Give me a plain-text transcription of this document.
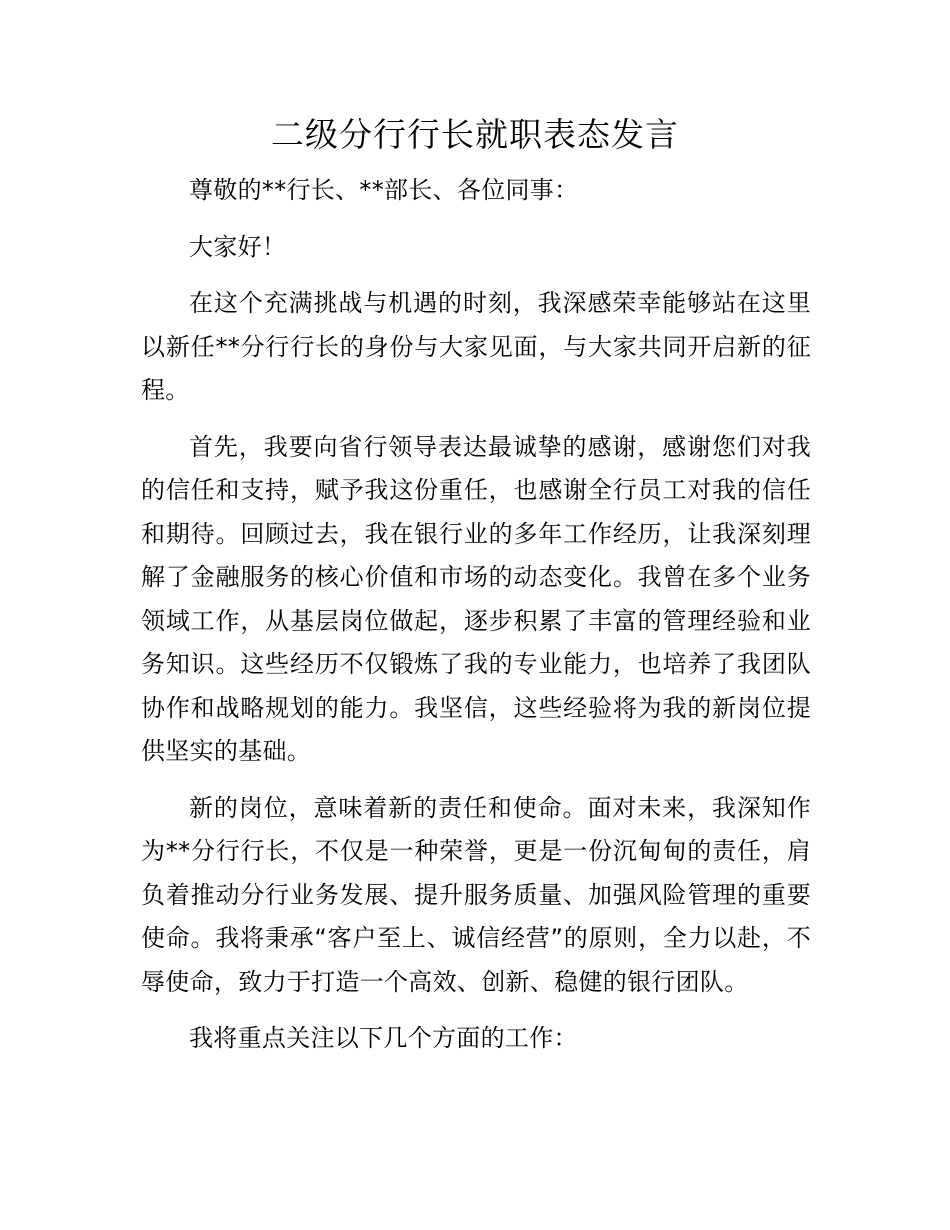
二级分行行长就职表态发言

尊敬的**行长、**部长、各位同事：

大家好！

在这个充满挑战与机遇的时刻，我深感荣幸能够站在这里以新任**分行行长的身份与大家见面，与大家共同开启新的征程。

首先，我要向省行领导表达最诚挚的感谢，感谢您们对我的信任和支持，赋予我这份重任，也感谢全行员工对我的信任和期待。回顾过去，我在银行业的多年工作经历，让我深刻理解了金融服务的核心价值和市场的动态变化。我曾在多个业务领域工作，从基层岗位做起，逐步积累了丰富的管理经验和业务知识。这些经历不仅锻炼了我的专业能力，也培养了我团队协作和战略规划的能力。我坚信，这些经验将为我的新岗位提供坚实的基础。

新的岗位，意味着新的责任和使命。面对未来，我深知作为**分行行长，不仅是一种荣誉，更是一份沉甸甸的责任，肩负着推动分行业务发展、提升服务质量、加强风险管理的重要使命。我将秉承“客户至上、诚信经营”的原则，全力以赴，不辱使命，致力于打造一个高效、创新、稳健的银行团队。

我将重点关注以下几个方面的工作：
